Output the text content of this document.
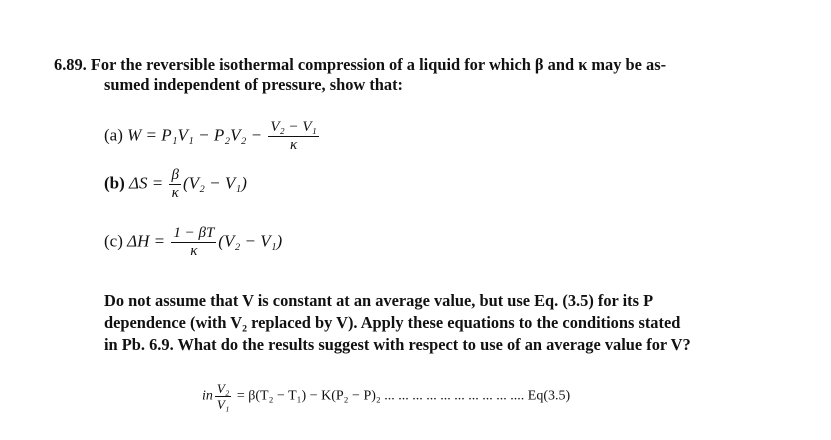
6.89. For the reversible isothermal compression of a liquid for which β and κ may be as-
sumed independent of pressure, show that:
(a) $W = P_1V_1 - P_2V_2 - \frac{\text{V₂ − V₁}}{\kappa}$
(b) $\Delta S = \frac{\beta}{\kappa} (V_2 - V_1)$
(c) $\Delta H = \frac{1 - \beta T}{\kappa} (V_2 - V_1)$
Do not assume that V is constant at an average value, but use Eq. (3.5) for its P
dependence (with V₂ replaced by V). Apply these equations to the conditions stated
in Pb. 6.9. What do the results suggest with respect to use of an average value for V?
in $\frac{\text{V₂}}{\text{V₁}} = \beta(T_2 - T_1) - K(P_2 - P)_2$ ... ... ... ... ... ... ... ... ... .... Eq(3.5)
